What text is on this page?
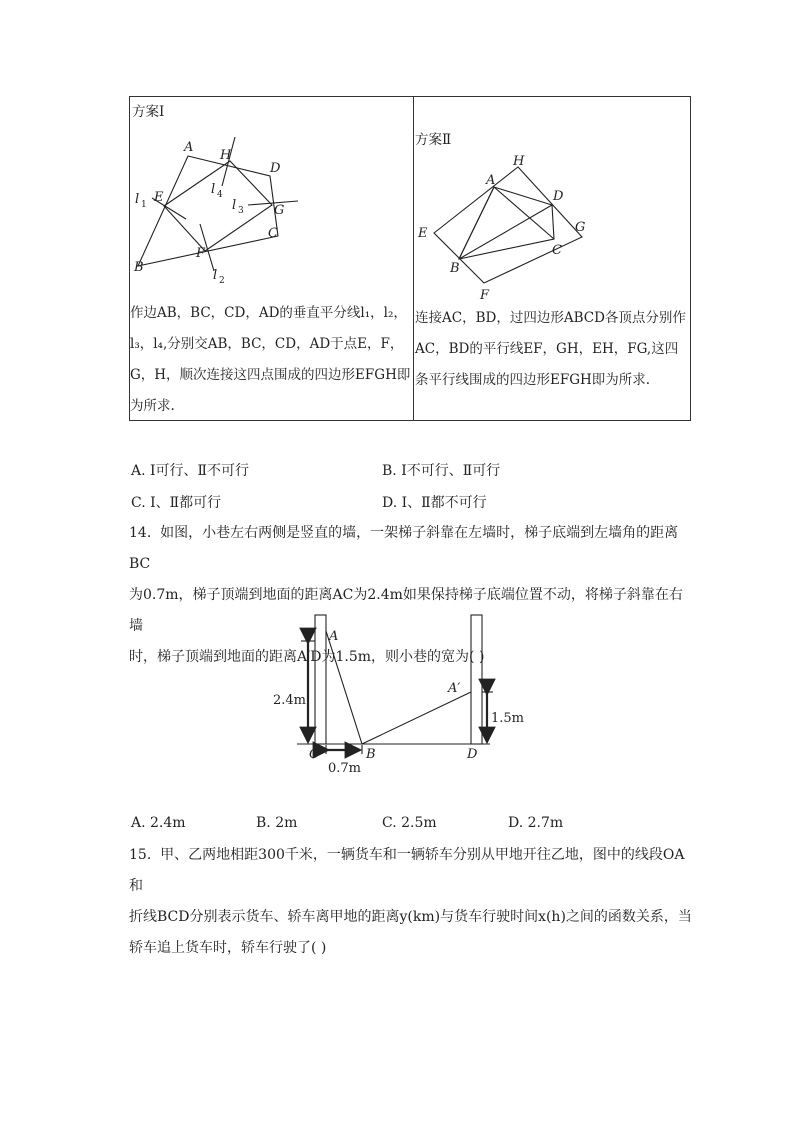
方案Ⅰ
A
H
D
l 1 E
l 4
l 3 G
C
B
F
l 2
作边AB，BC，CD，AD的垂直平分线l₁，l₂，l₃，l₄,分别交AB，BC，CD，AD于点E，F，G，H，顺次连接这四点围成的四边形EFGH即为所求.
方案Ⅱ
H
A
D
G
E
C
B
F
连接AC，BD，过四边形ABCD各顶点分别作AC，BD的平行线EF，GH，EH，FG,这四条平行线围成的四边形EFGH即为所求.
A. Ⅰ可行、Ⅱ不可行	B. Ⅰ不可行、Ⅱ可行
C. Ⅰ、Ⅱ都可行	D. Ⅰ、Ⅱ都不可行
14. 如图，小巷左右两侧是竖直的墙，一架梯子斜靠在左墙时，梯子底端到左墙角的距离BC
为0.7m，梯子顶端到地面的距离AC为2.4m如果保持梯子底端位置不动，将梯子斜靠在右墙
时，梯子顶端到地面的距离A′D为1.5m，则小巷的宽为( )
A
A′
C	B	D
2.4m
1.5m
0.7m
A. 2.4m	B. 2m	C. 2.5m	D. 2.7m
15. 甲、乙两地相距300千米，一辆货车和一辆轿车分别从甲地开往乙地，图中的线段OA和
折线BCD分别表示货车、轿车离甲地的距离y(km)与货车行驶时间x(h)之间的函数关系，当
轿车追上货车时，轿车行驶了( )
